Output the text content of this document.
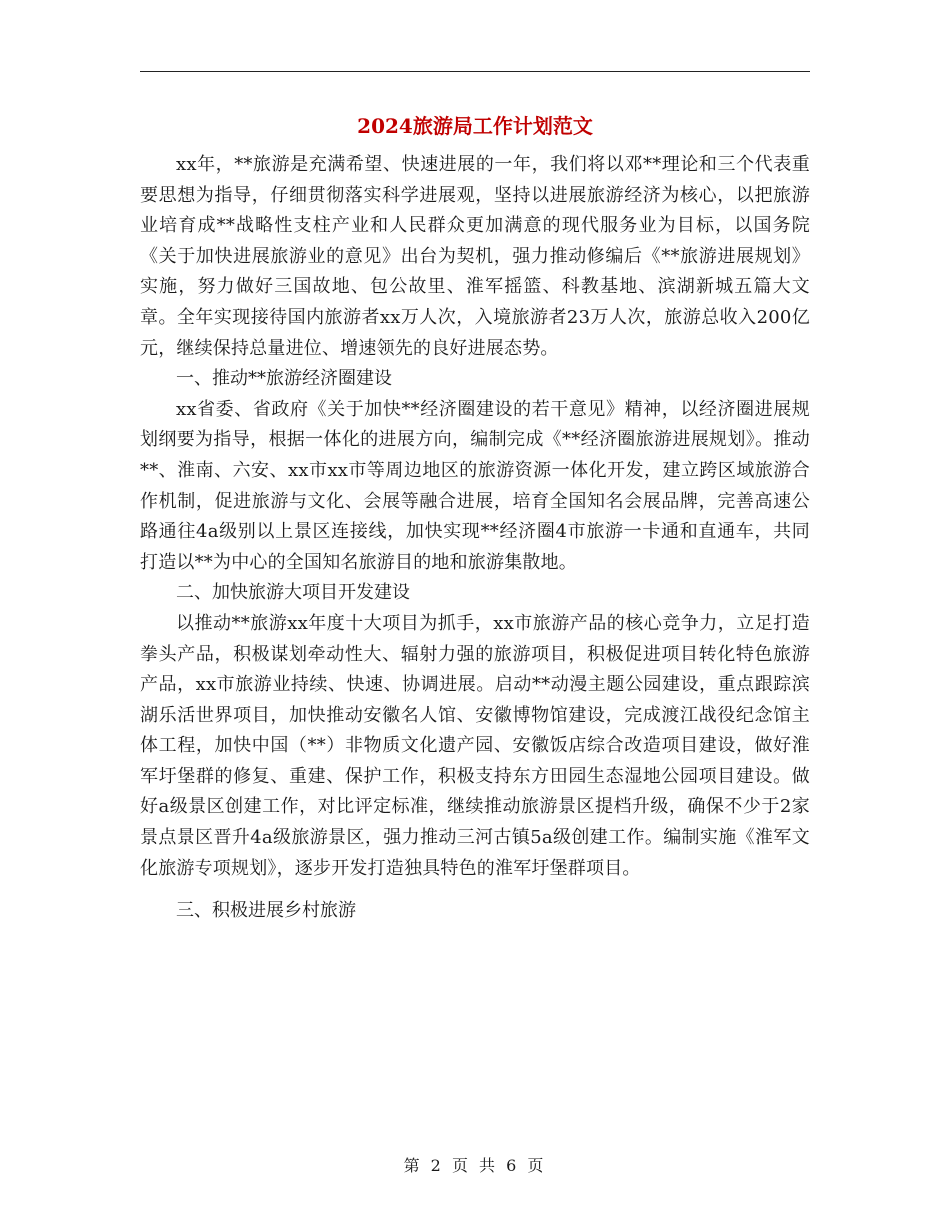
2024旅游局工作计划范文

xx年，**旅游是充满希望、快速进展的一年，我们将以邓**理论和三个代表重要思想为指导，仔细贯彻落实科学进展观，坚持以进展旅游经济为核心，以把旅游业培育成**战略性支柱产业和人民群众更加满意的现代服务业为目标，以国务院《关于加快进展旅游业的意见》出台为契机，强力推动修编后《**旅游进展规划》实施，努力做好三国故地、包公故里、淮军摇篮、科教基地、滨湖新城五篇大文章。全年实现接待国内旅游者xx万人次，入境旅游者23万人次，旅游总收入200亿元，继续保持总量进位、增速领先的良好进展态势。

一、推动**旅游经济圈建设

xx省委、省政府《关于加快**经济圈建设的若干意见》精神，以经济圈进展规划纲要为指导，根据一体化的进展方向，编制完成《**经济圈旅游进展规划》。推动**、淮南、六安、xx市xx市等周边地区的旅游资源一体化开发，建立跨区域旅游合作机制，促进旅游与文化、会展等融合进展，培育全国知名会展品牌，完善高速公路通往4a级别以上景区连接线，加快实现**经济圈4市旅游一卡通和直通车，共同打造以**为中心的全国知名旅游目的地和旅游集散地。

二、加快旅游大项目开发建设

以推动**旅游xx年度十大项目为抓手，xx市旅游产品的核心竞争力，立足打造拳头产品，积极谋划牵动性大、辐射力强的旅游项目，积极促进项目转化特色旅游产品，xx市旅游业持续、快速、协调进展。启动**动漫主题公园建设，重点跟踪滨湖乐活世界项目，加快推动安徽名人馆、安徽博物馆建设，完成渡江战役纪念馆主体工程，加快中国（**）非物质文化遗产园、安徽饭店综合改造项目建设，做好淮军圩堡群的修复、重建、保护工作，积极支持东方田园生态湿地公园项目建设。做好a级景区创建工作，对比评定标准，继续推动旅游景区提档升级，确保不少于2家景点景区晋升4a级旅游景区，强力推动三河古镇5a级创建工作。编制实施《淮军文化旅游专项规划》，逐步开发打造独具特色的淮军圩堡群项目。

三、积极进展乡村旅游

第 2 页 共 6 页
